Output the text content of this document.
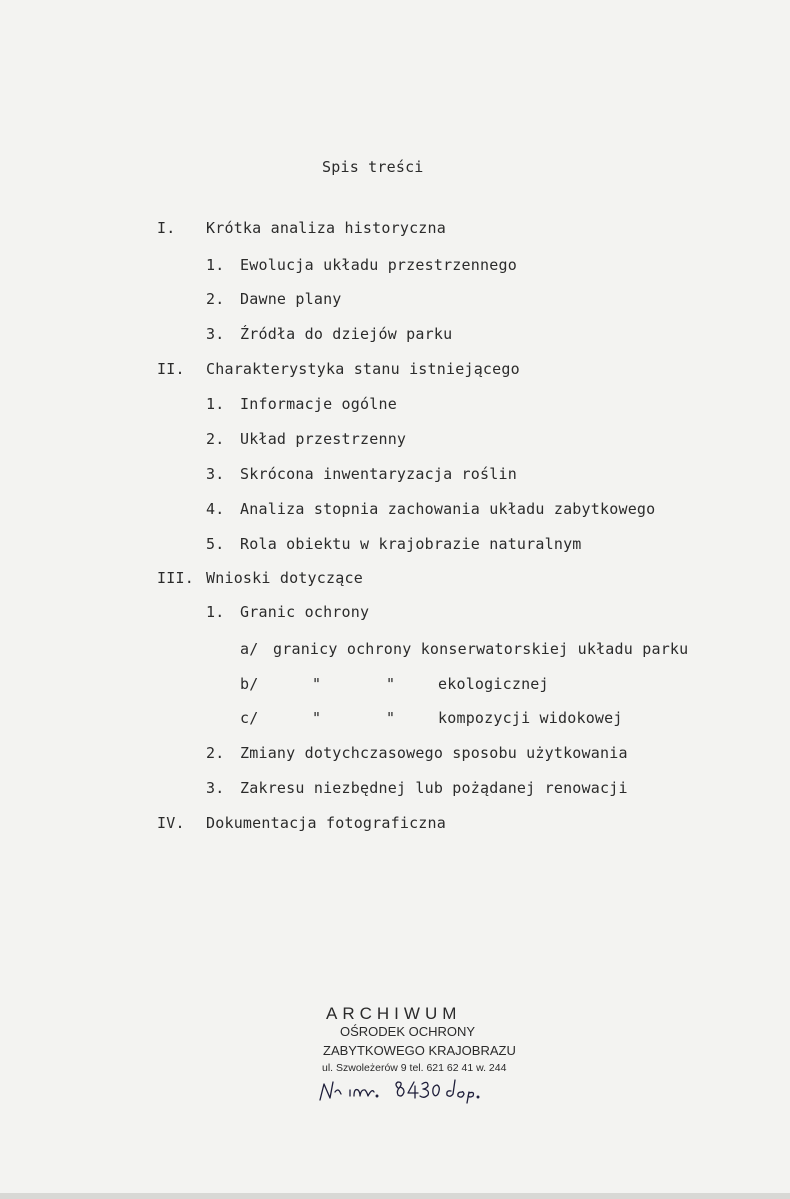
Spis treści
I. Krótka analiza historyczna
1. Ewolucja układu przestrzennego
2. Dawne plany
3. Źródła do dziejów parku
II. Charakterystyka stanu istniejącego
1. Informacje ogólne
2. Układ przestrzenny
3. Skrócona inwentaryzacja roślin
4. Analiza stopnia zachowania układu zabytkowego
5. Rola obiektu w krajobrazie naturalnym
III. Wnioski dotyczące
1. Granic ochrony
a/ granicy ochrony konserwatorskiej układu parku
b/	"	"	ekologicznej
c/	"	"	kompozycji widokowej
2. Zmiany dotychczasowego sposobu użytkowania
3. Zakresu niezbędnej lub pożądanej renowacji
IV. Dokumentacja fotograficzna
ARCHIWUM
OŚRODEK OCHRONY
ZABYTKOWEGO KRAJOBRAZU
ul. Szwoleżerów 9 tel. 621 62 41 w. 244
